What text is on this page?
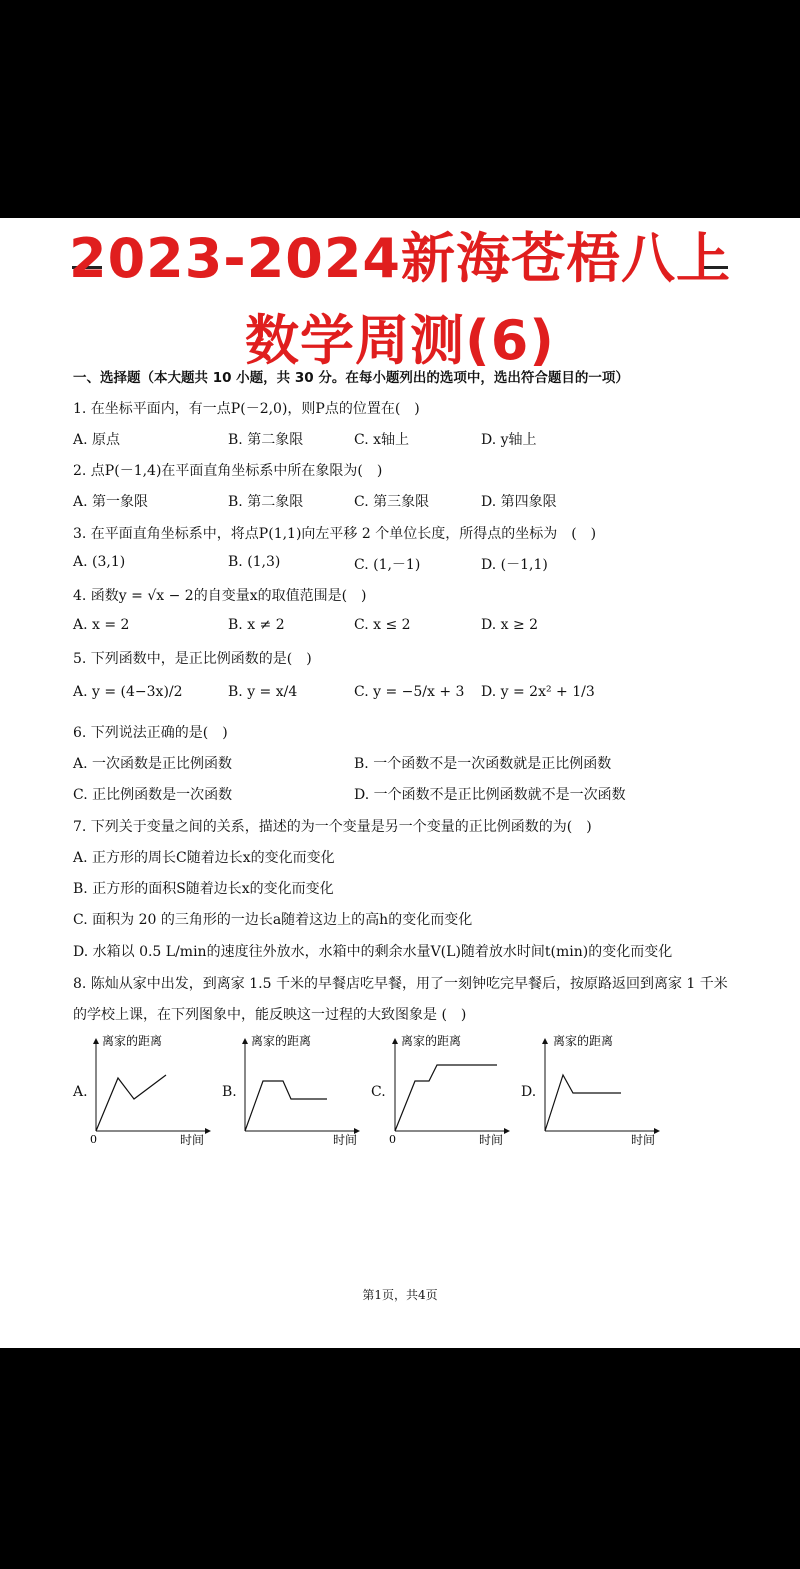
2023-2024新海苍梧八上
数学周测(6)
一、选择题（本大题共 10 小题，共 30 分。在每小题列出的选项中，选出符合题目的一项）
1. 在坐标平面内，有一点P(－2,0)，则P点的位置在(　)
A. 原点	B. 第二象限	C. x轴上	D. y轴上
2. 点P(－1,4)在平面直角坐标系中所在象限为(　)
A. 第一象限	B. 第二象限	C. 第三象限	D. 第四象限
3. 在平面直角坐标系中，将点P(1,1)向左平移 2 个单位长度，所得点的坐标为　(　)
A. (3,1)	B. (1,3)	C. (1,－1)	D. (－1,1)
4. 函数y = √x − 2的自变量x的取值范围是(　)
A. x = 2	B. x ≠ 2	C. x ≤ 2	D. x ≥ 2
5. 下列函数中，是正比例函数的是(　)
A. y = (4−3x)/2	B. y = x/4	C. y = −5/x + 3 D. y = 2x² + 1/3
6. 下列说法正确的是(　)
A. 一次函数是正比例函数	B. 一个函数不是一次函数就是正比例函数
C. 正比例函数是一次函数	D. 一个函数不是正比例函数就不是一次函数
7. 下列关于变量之间的关系，描述的为一个变量是另一个变量的正比例函数的为(　)
A. 正方形的周长C随着边长x的变化而变化
B. 正方形的面积S随着边长x的变化而变化
C. 面积为 20 的三角形的一边长a随着这边上的高h的变化而变化
D. 水箱以 0.5 L/min的速度往外放水，水箱中的剩余水量V(L)随着放水时间t(min)的变化而变化
8. 陈灿从家中出发，到离家 1.5 千米的早餐店吃早餐，用了一刻钟吃完早餐后，按原路返回到离家 1 千米
的学校上课，在下列图象中，能反映这一过程的大致图象是 (　)
A.	B.	C.	D.
离家的距离
时间
0
离家的距离
时间
离家的距离
时间
0
离家的距离
时间
第1页，共4页
